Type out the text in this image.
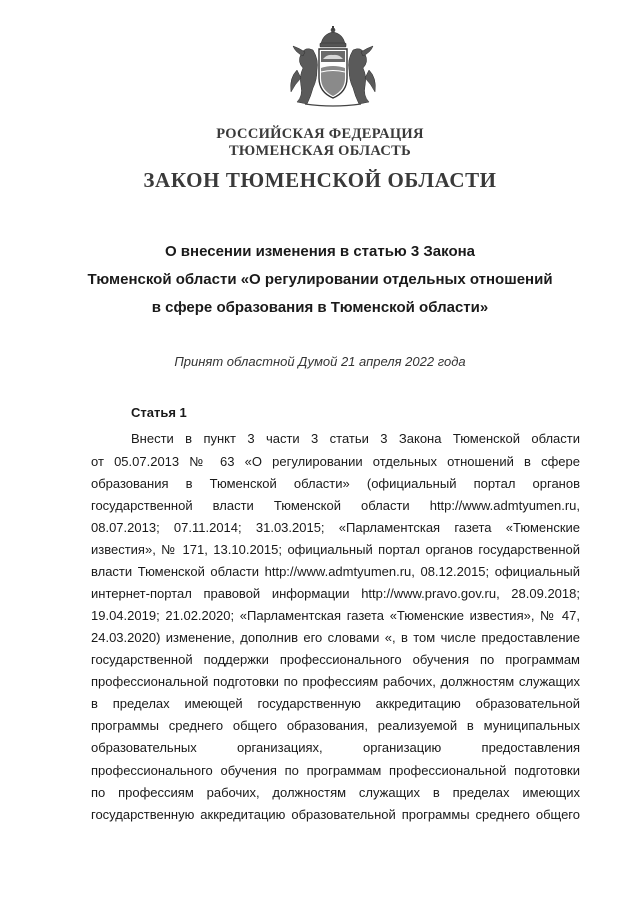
РОССИЙСКАЯ ФЕДЕРАЦИЯ
ТЮМЕНСКАЯ ОБЛАСТЬ
ЗАКОН ТЮМЕНСКОЙ ОБЛАСТИ
О внесении изменения в статью 3 Закона
Тюменской области «О регулировании отдельных отношений
в сфере образования в Тюменской области»
Принят областной Думой 21 апреля 2022 года
Статья 1
Внести в пункт 3 части 3 статьи 3 Закона Тюменской области
от 05.07.2013 № 63 «О регулировании отдельных отношений в сфере
образования в Тюменской области» (официальный портал органов
государственной власти Тюменской области http://www.admtyumen.ru,
08.07.2013; 07.11.2014; 31.03.2015; «Парламентская газета «Тюменские
известия», № 171, 13.10.2015; официальный портал органов государственной
власти Тюменской области http://www.admtyumen.ru, 08.12.2015; официальный
интернет-портал правовой информации http://www.pravo.gov.ru, 28.09.2018;
19.04.2019; 21.02.2020; «Парламентская газета «Тюменские известия», № 47,
24.03.2020) изменение, дополнив его словами «, в том числе предоставление
государственной поддержки профессионального обучения по программам
профессиональной подготовки по профессиям рабочих, должностям служащих
в пределах имеющей государственную аккредитацию образовательной
программы среднего общего образования, реализуемой в муниципальных
образовательных организациях, организацию предоставления
профессионального обучения по программам профессиональной подготовки
по профессиям рабочих, должностям служащих в пределах имеющих
государственную аккредитацию образовательной программы среднего общего
